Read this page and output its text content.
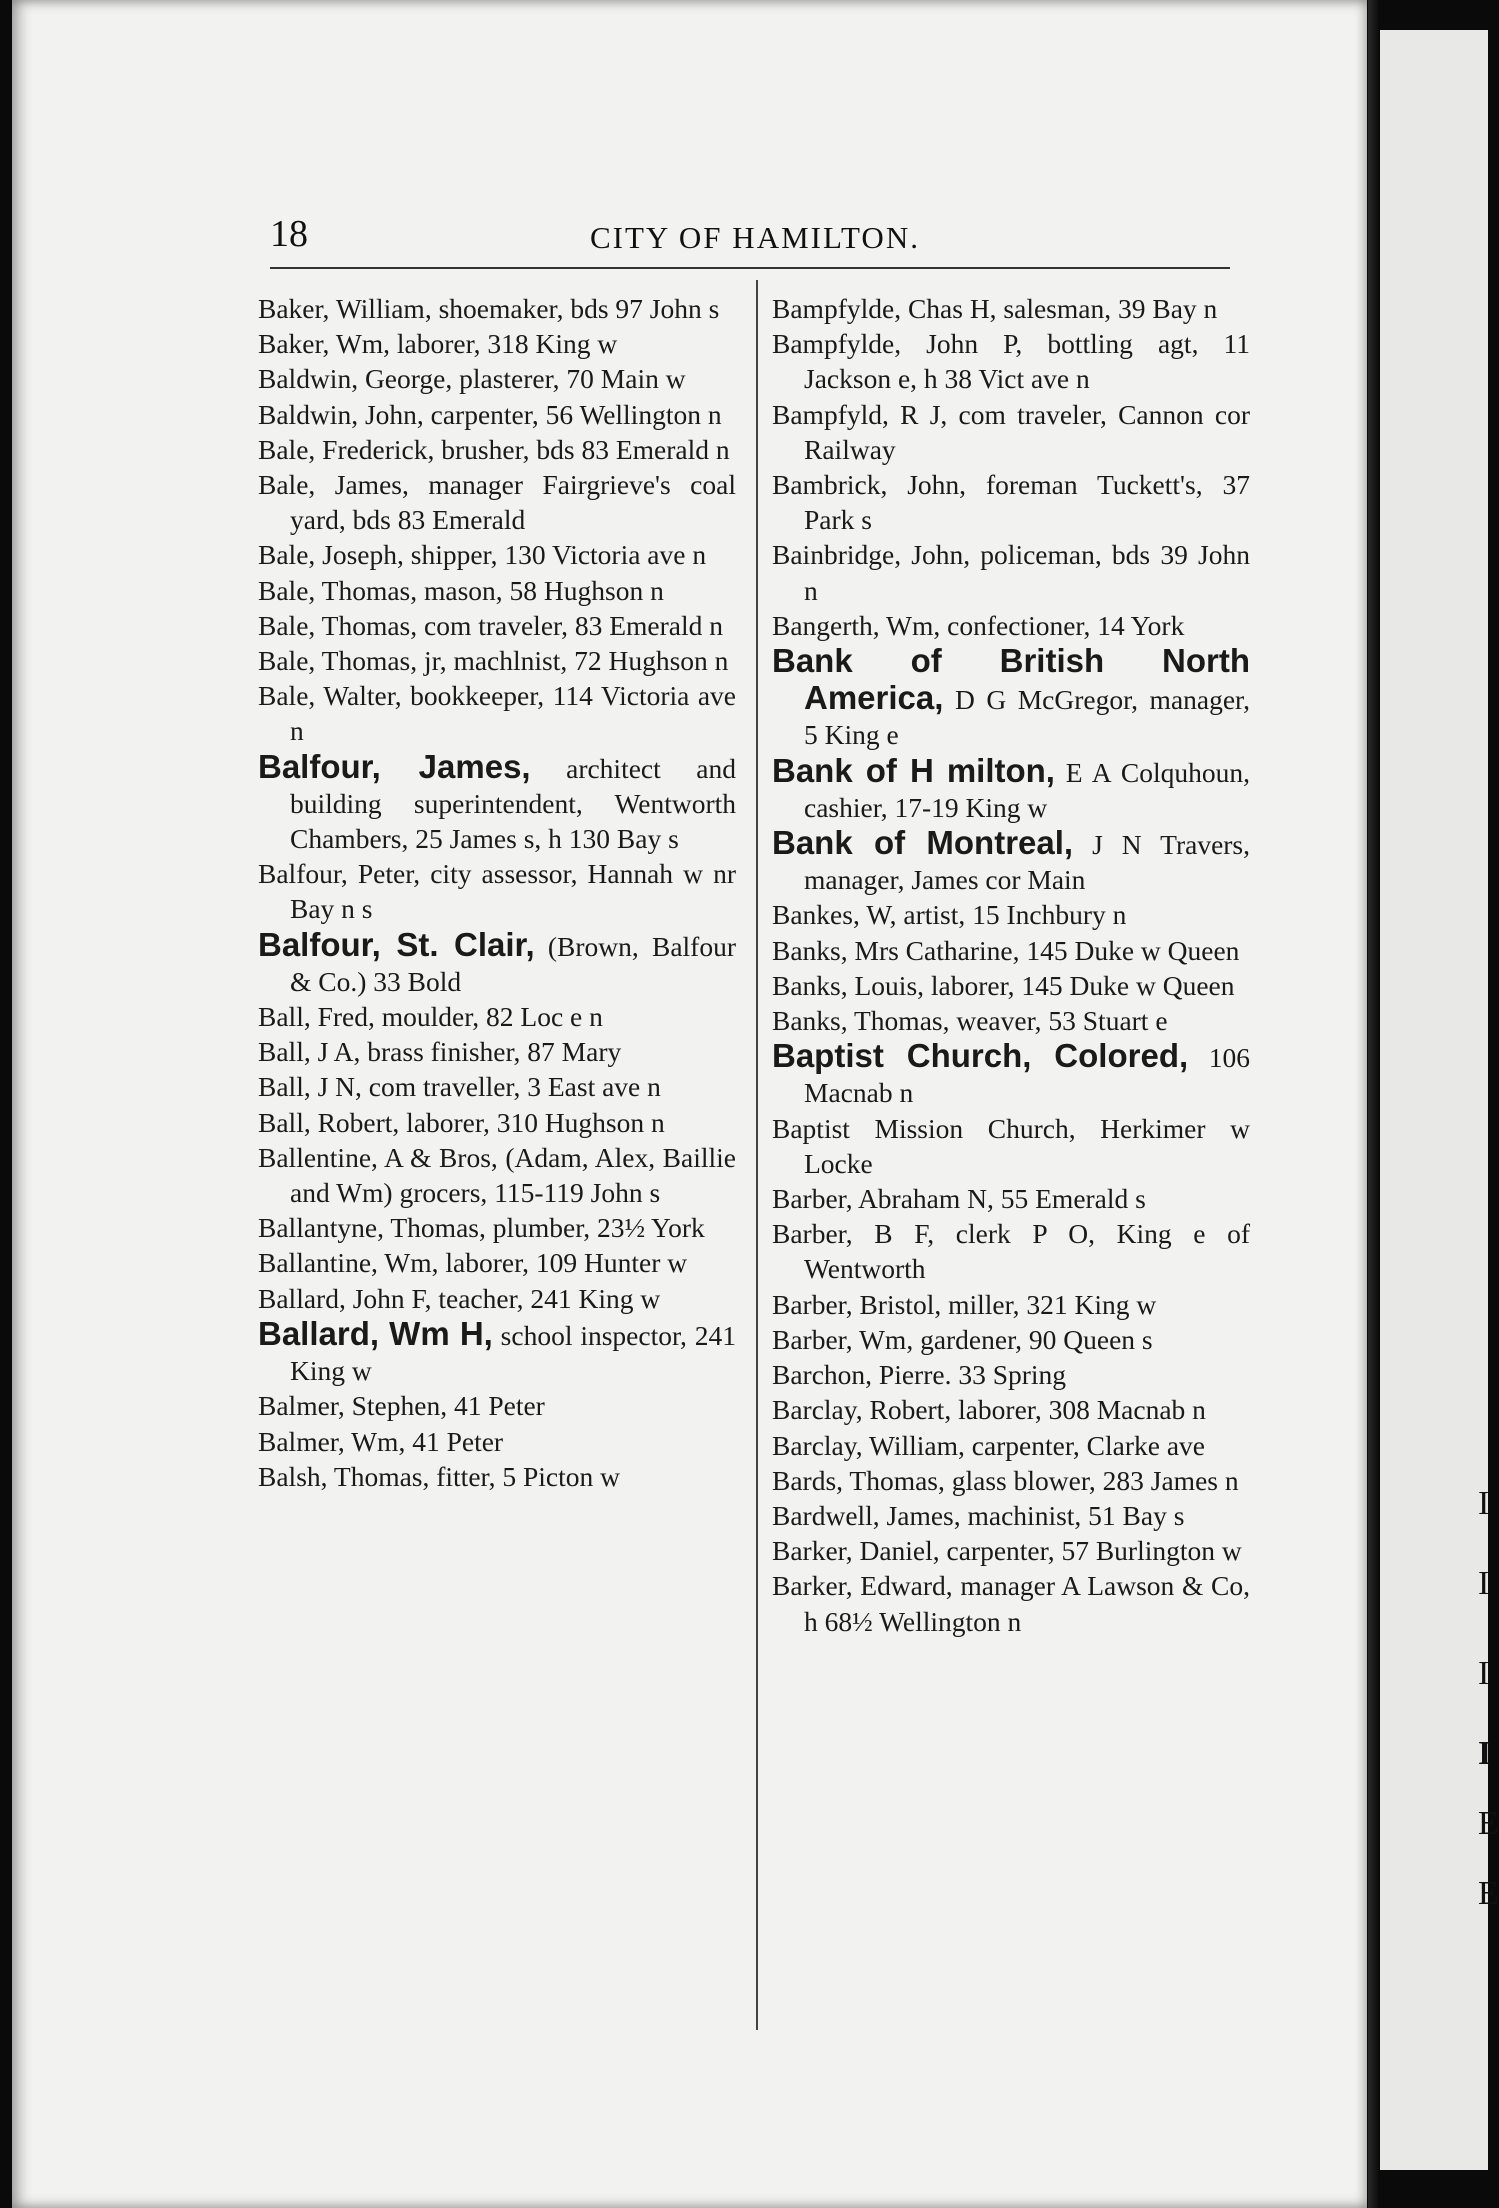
I
I
I
I
E
E
18	CITY OF HAMILTON.
Baker, William, shoemaker, bds 97 John s
Baker, Wm, laborer, 318 King w
Baldwin, George, plasterer, 70 Main w
Baldwin, John, carpenter, 56 Wellington n
Bale, Frederick, brusher, bds 83 Emerald n
Bale, James, manager Fairgrieve's coal yard, bds 83 Emerald
Bale, Joseph, shipper, 130 Victoria ave n
Bale, Thomas, mason, 58 Hughson n
Bale, Thomas, com traveler, 83 Emerald n
Bale, Thomas, jr, machlnist, 72 Hughson n
Bale, Walter, bookkeeper, 114 Victoria ave n
Balfour, James, architect and building superintendent, Wentworth Chambers, 25 James s, h 130 Bay s
Balfour, Peter, city assessor, Hannah w nr Bay n s
Balfour, St. Clair, (Brown, Balfour & Co.) 33 Bold
Ball, Fred, moulder, 82 Loc e n
Ball, J A, brass finisher, 87 Mary
Ball, J N, com traveller, 3 East ave n
Ball, Robert, laborer, 310 Hughson n
Ballentine, A & Bros, (Adam, Alex, Baillie and Wm) grocers, 115-119 John s
Ballantyne, Thomas, plumber, 23½ York
Ballantine, Wm, laborer, 109 Hunter w
Ballard, John F, teacher, 241 King w
Ballard, Wm H, school inspector, 241 King w
Balmer, Stephen, 41 Peter
Balmer, Wm, 41 Peter
Balsh, Thomas, fitter, 5 Picton w
Bampfylde, Chas H, salesman, 39 Bay n
Bampfylde, John P, bottling agt, 11 Jackson e, h 38 Vict ave n
Bampfyld, R J, com traveler, Cannon cor Railway
Bambrick, John, foreman Tuckett's, 37 Park s
Bainbridge, John, policeman, bds 39 John n
Bangerth, Wm, confectioner, 14 York
Bank of British North America, D G McGregor, manager, 5 King e
Bank of H milton, E A Colquhoun, cashier, 17-19 King w
Bank of Montreal, J N Travers, manager, James cor Main
Bankes, W, artist, 15 Inchbury n
Banks, Mrs Catharine, 145 Duke w Queen
Banks, Louis, laborer, 145 Duke w Queen
Banks, Thomas, weaver, 53 Stuart e
Baptist Church, Colored, 106 Macnab n
Baptist Mission Church, Herkimer w Locke
Barber, Abraham N, 55 Emerald s
Barber, B F, clerk P O, King e of Wentworth
Barber, Bristol, miller, 321 King w
Barber, Wm, gardener, 90 Queen s
Barchon, Pierre. 33 Spring
Barclay, Robert, laborer, 308 Macnab n
Barclay, William, carpenter, Clarke ave
Bards, Thomas, glass blower, 283 James n
Bardwell, James, machinist, 51 Bay s
Barker, Daniel, carpenter, 57 Burlington w
Barker, Edward, manager A Lawson & Co, h 68½ Wellington n
